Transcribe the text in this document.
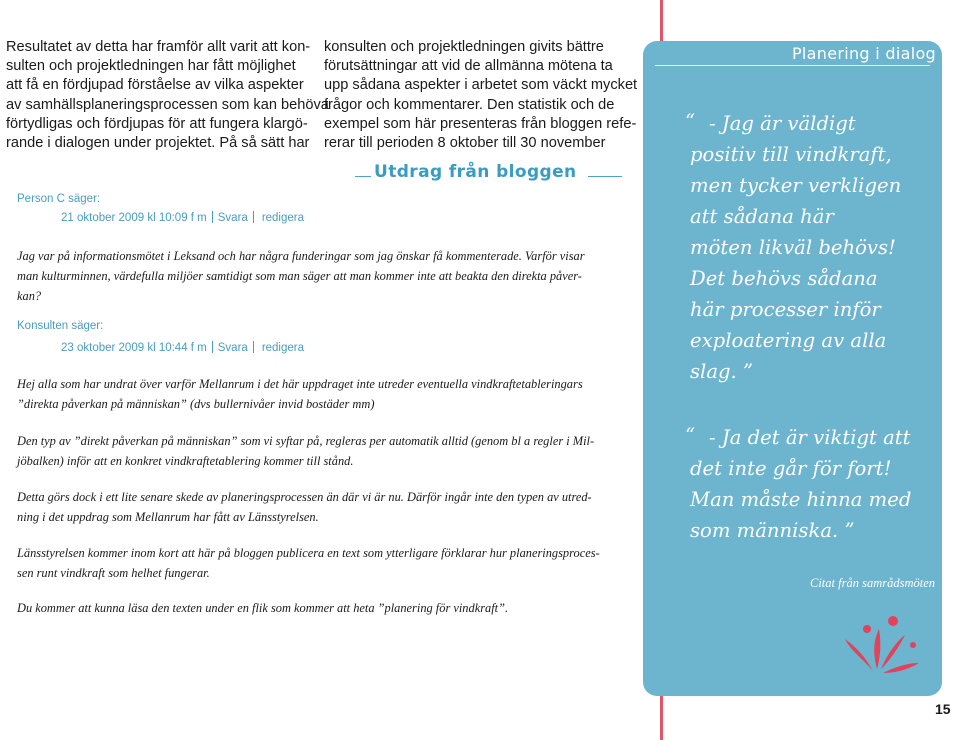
Resultatet av detta har framför allt varit att kon-
sulten och projektledningen har fått möjlighet
att få en fördjupad förståelse av vilka aspekter
av samhällsplaneringsprocessen som kan behöva
förtydligas och fördjupas för att fungera klargö-
rande i dialogen under projektet. På så sätt har
konsulten och projektledningen givits bättre
förutsättningar att vid de allmänna mötena ta
upp sådana aspekter i arbetet som väckt mycket
frågor och kommentarer. Den statistik och de
exempel som här presenteras från bloggen refe-
rerar till perioden 8 oktober till 30 november
Utdrag från bloggen
Person C säger:
21 oktober 2009 kl 10:09 f m Svara redigera
Jag var på informationsmötet i Leksand och har några funderingar som jag önskar få kommenterade. Varför visar
man kulturminnen, värdefulla miljöer samtidigt som man säger att man kommer inte att beakta den direkta påver-
kan?
Konsulten säger:
23 oktober 2009 kl 10:44 f m Svara redigera
Hej alla som har undrat över varför Mellanrum i det här uppdraget inte utreder eventuella vindkraftetableringars
”direkta påverkan på människan” (dvs bullernivåer invid bostäder mm)
Den typ av ”direkt påverkan på människan” som vi syftar på, regleras per automatik alltid (genom bl a regler i Mil-
jöbalken) inför att en konkret vindkraftetablering kommer till stånd.
Detta görs dock i ett lite senare skede av planeringsprocessen än där vi är nu. Därför ingår inte den typen av utred-
ning i det uppdrag som Mellanrum har fått av Länsstyrelsen.
Länsstyrelsen kommer inom kort att här på bloggen publicera en text som ytterligare förklarar hur planeringsproces-
sen runt vindkraft som helhet fungerar.
Du kommer att kunna läsa den texten under en flik som kommer att heta ”planering för vindkraft”.
Planering i dialog
“ - Jag är väldigt
positiv till vindkraft,
men tycker verkligen
att sådana här
möten likväl behövs!
Det behövs sådana
här processer inför
exploatering av alla
slag. ”
“ - Ja det är viktigt att
det inte går för fort!
Man måste hinna med
som människa. ”
Citat från samrådsmöten
15
